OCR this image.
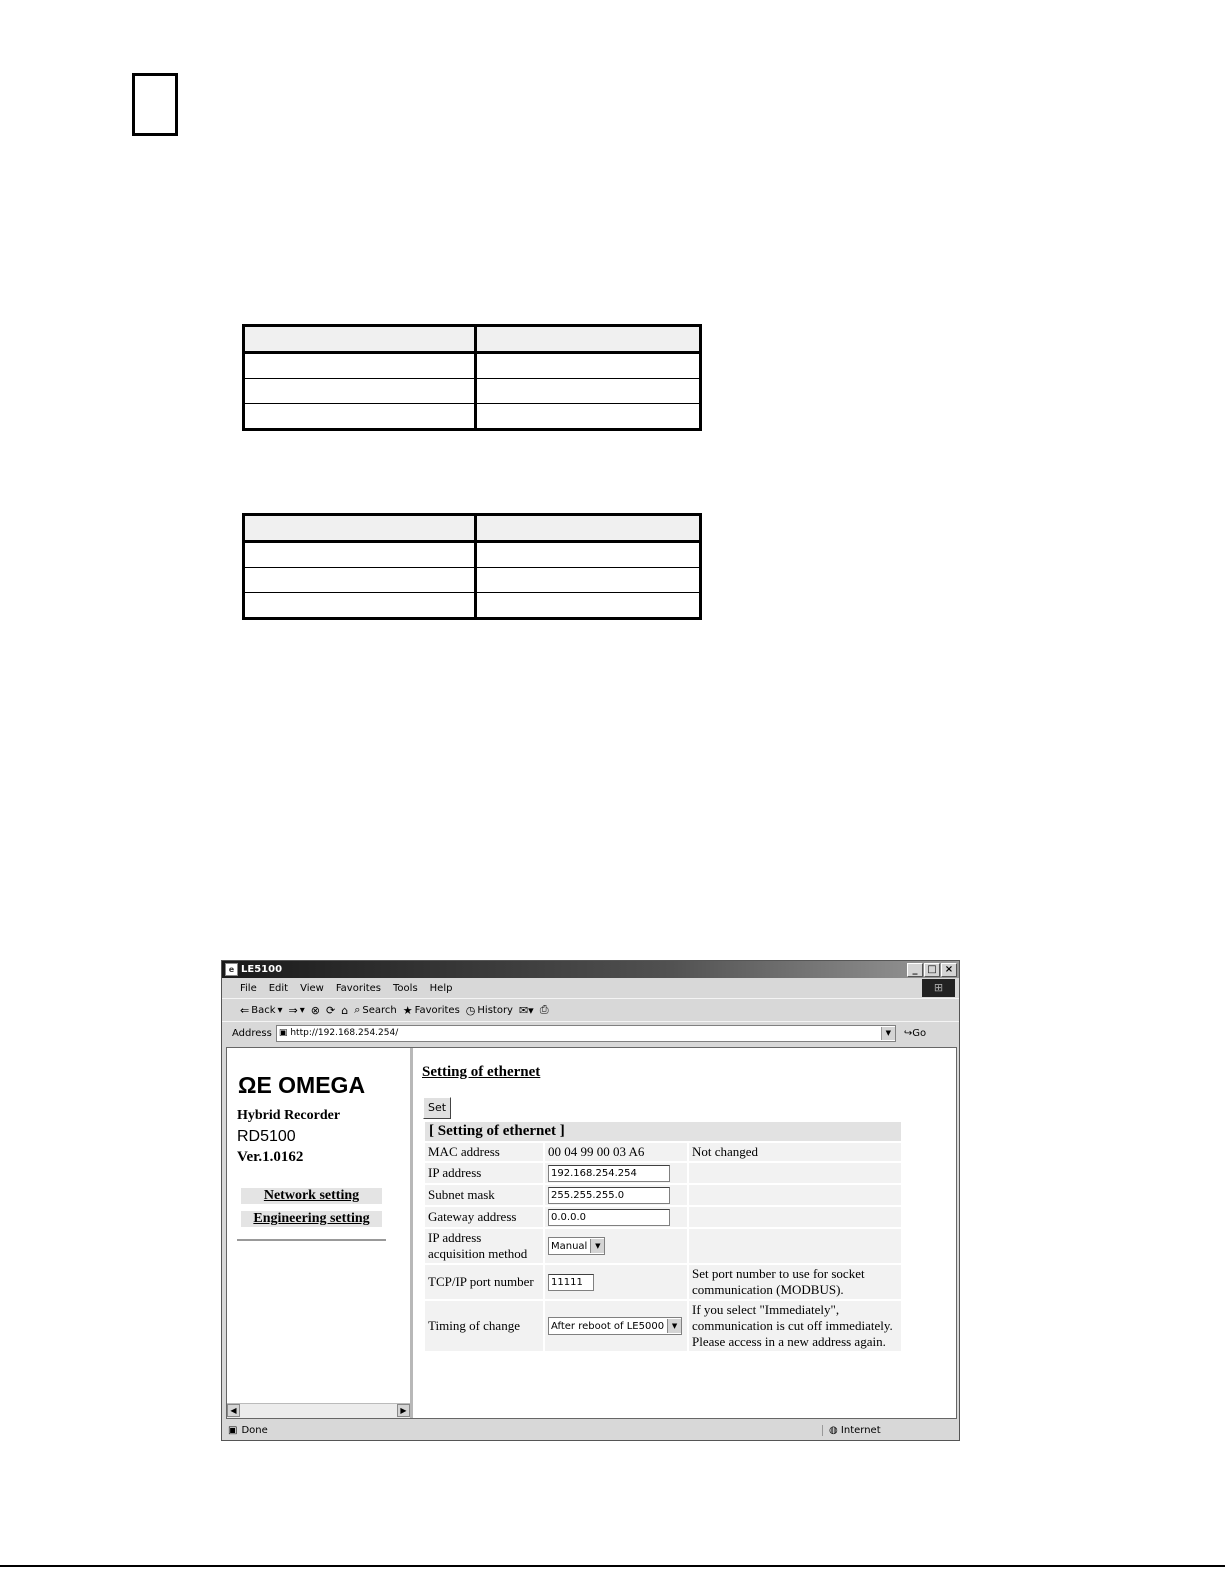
e LE5100	_ □ ×
File Edit View Favorites Tools Help	⊞
⇐ Back ▾ ⇒ ▾ ⊗ ⟳ ⌂ ⌕ Search ★ Favorites ◷ History ✉▾ ⎙
Address ▣ http://192.168.254.254/	▼	↪Go
ΩE OMEGA
Hybrid Recorder
RD5100
Ver.1.0162
Network setting
Engineering setting
◀	▶
Setting of ethernet
Set
[ Setting of ethernet ]		
MAC address	00 04 99 00 03 A6	Not changed
IP address	192.168.254.254	
Subnet mask	255.255.255.0	
Gateway address	0.0.0.0	
IP address acquisition method	Manual ▼	

TCP/IP port number	11111	Set port number to use for socket communication (MODBUS).
Timing of change	After reboot of LE5000 ▼	If you select "Immediately", communication is cut off immediately. Please access in a new address again.
▣ Done	◍ Internet
